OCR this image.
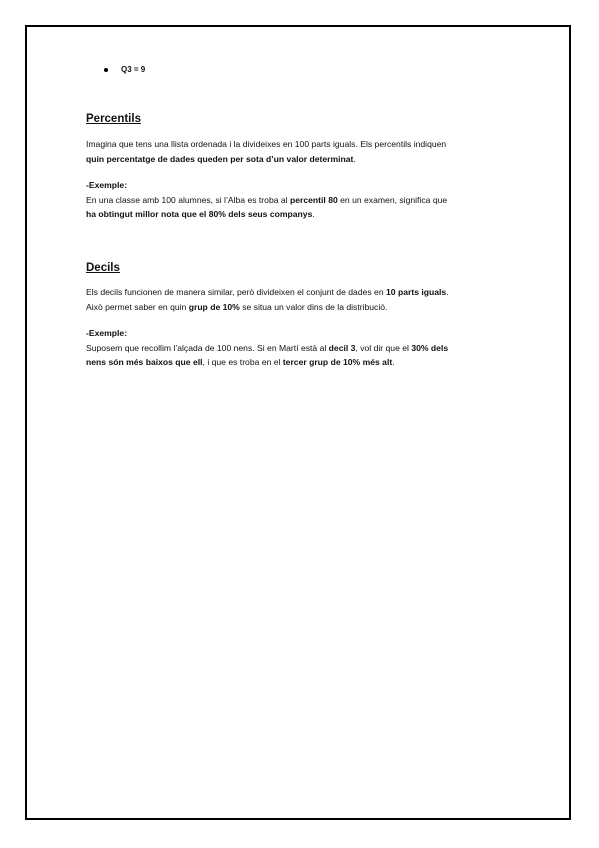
Q3 = 9
Percentils
Imagina que tens una llista ordenada i la divideixes en 100 parts iguals. Els percentils indiquen
quin percentatge de dades queden per sota d’un valor determinat.
-Exemple:
En una classe amb 100 alumnes, si l’Alba es troba al percentil 80 en un examen, significa que
ha obtingut millor nota que el 80% dels seus companys.
Decils
Els decils funcionen de manera similar, però divideixen el conjunt de dades en 10 parts iguals.
Això permet saber en quin grup de 10% se situa un valor dins de la distribució.
-Exemple:
Suposem que recollim l’alçada de 100 nens. Si en Martí està al decil 3, vol dir que el 30% dels
nens són més baixos que ell, i que es troba en el tercer grup de 10% més alt.
